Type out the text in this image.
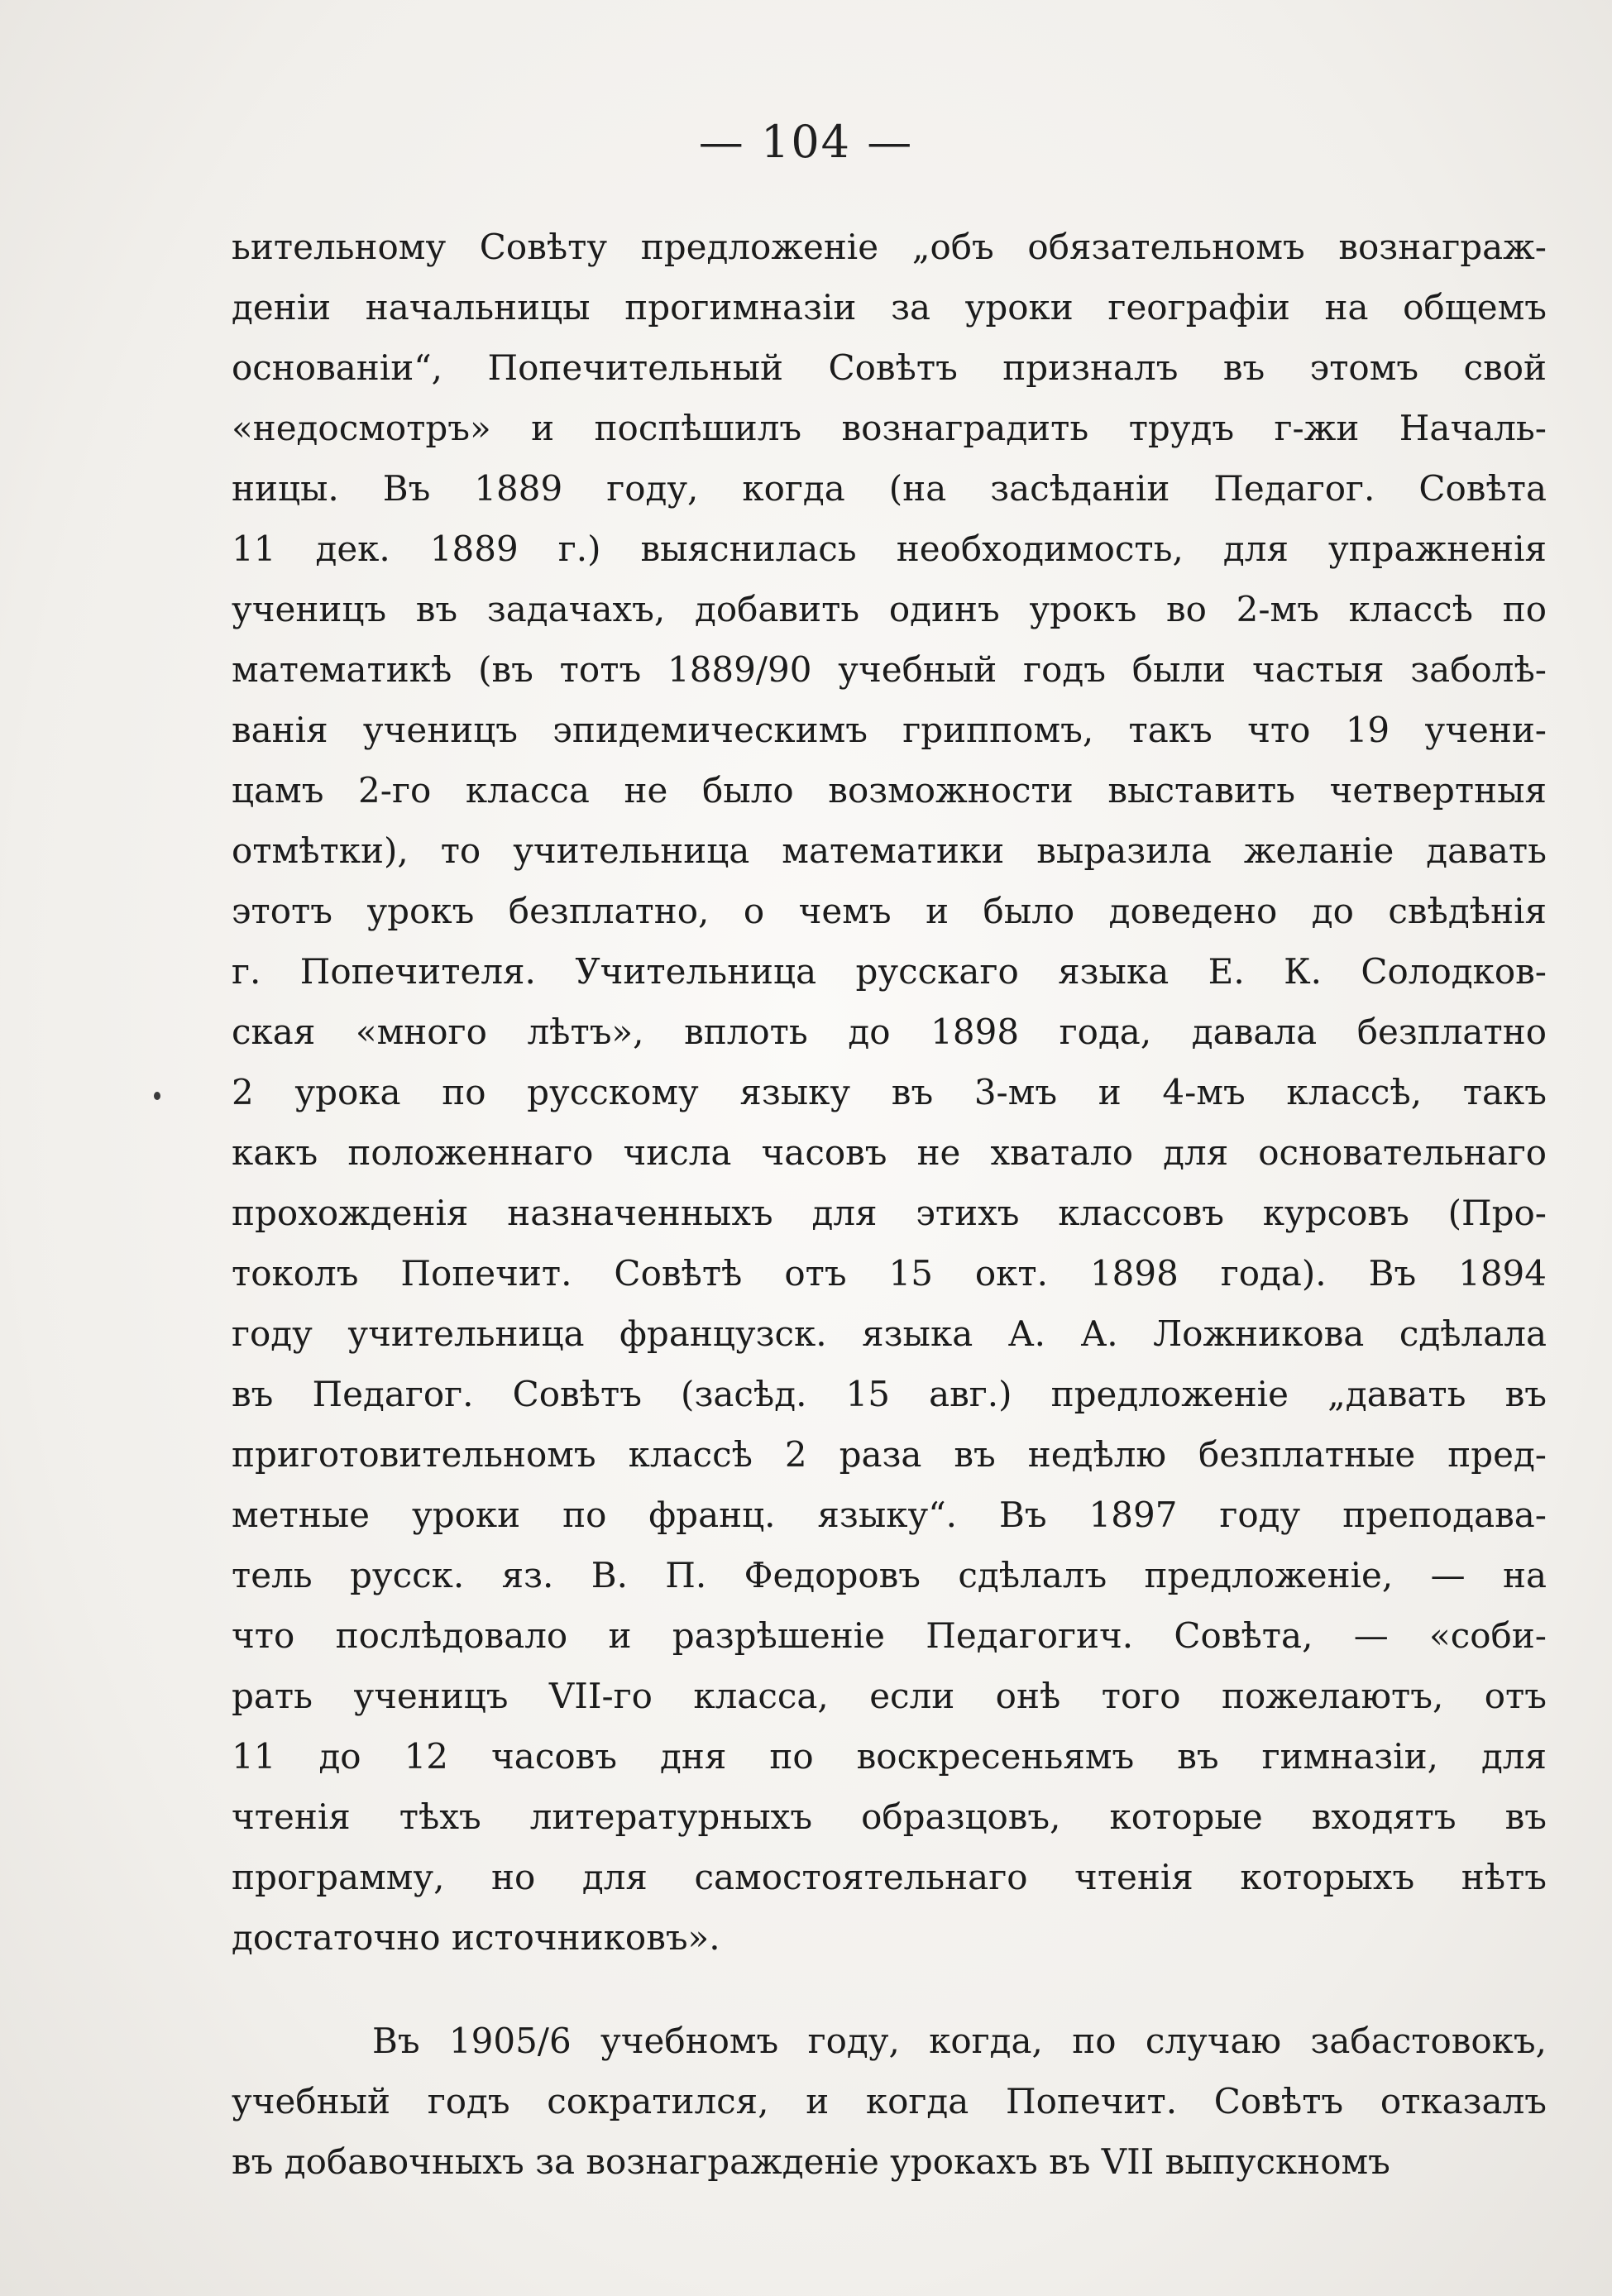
— 104 —
ьительному Совѣту предложеніе „объ обязательномъ вознаграж-
деніи начальницы прогимназіи за уроки географіи на общемъ
основаніи“, Попечительный Совѣтъ призналъ въ этомъ свой
«недосмотръ» и поспѣшилъ вознаградить трудъ г-жи Началь-
ницы. Въ 1889 году, когда (на засѣданіи Педагог. Совѣта
11 дек. 1889 г.) выяснилась необходимость, для упражненія
ученицъ въ задачахъ, добавить одинъ урокъ во 2-мъ классѣ по
математикѣ (въ тотъ 1889/90 учебный годъ были частыя заболѣ-
ванія ученицъ эпидемическимъ гриппомъ, такъ что 19 учени-
цамъ 2-го класса не было возможности выставить четвертныя
отмѣтки), то учительница математики выразила желаніе давать
этотъ урокъ безплатно, о чемъ и было доведено до свѣдѣнія
г. Попечителя. Учительница русскаго языка Е. К. Солодков-
ская «много лѣтъ», вплоть до 1898 года, давала безплатно
2 урока по русскому языку въ 3-мъ и 4-мъ классѣ, такъ
какъ положеннаго числа часовъ не хватало для основательнаго
прохожденія назначенныхъ для этихъ классовъ курсовъ (Про-
токолъ Попечит. Совѣтѣ отъ 15 окт. 1898 года). Въ 1894
году учительница французск. языка А. А. Ложникова сдѣлала
въ Педагог. Совѣтъ (засѣд. 15 авг.) предложеніе „давать въ
приготовительномъ классѣ 2 раза въ недѣлю безплатные пред-
метные уроки по франц. языку“. Въ 1897 году преподава-
тель русск. яз. В. П. Федоровъ сдѣлалъ предложеніе, — на
что послѣдовало и разрѣшеніе Педагогич. Совѣта, — «соби-
рать ученицъ VII-го класса, если онѣ того пожелаютъ, отъ
11 до 12 часовъ дня по воскресеньямъ въ гимназіи, для
чтенія тѣхъ литературныхъ образцовъ, которые входятъ въ
программу, но для самостоятельнаго чтенія которыхъ нѣтъ
достаточно источниковъ».
Въ 1905/6 учебномъ году, когда, по случаю забастовокъ,
учебный годъ сократился, и когда Попечит. Совѣтъ отказалъ
въ добавочныхъ за вознагражденіе урокахъ въ VII выпускномъ
